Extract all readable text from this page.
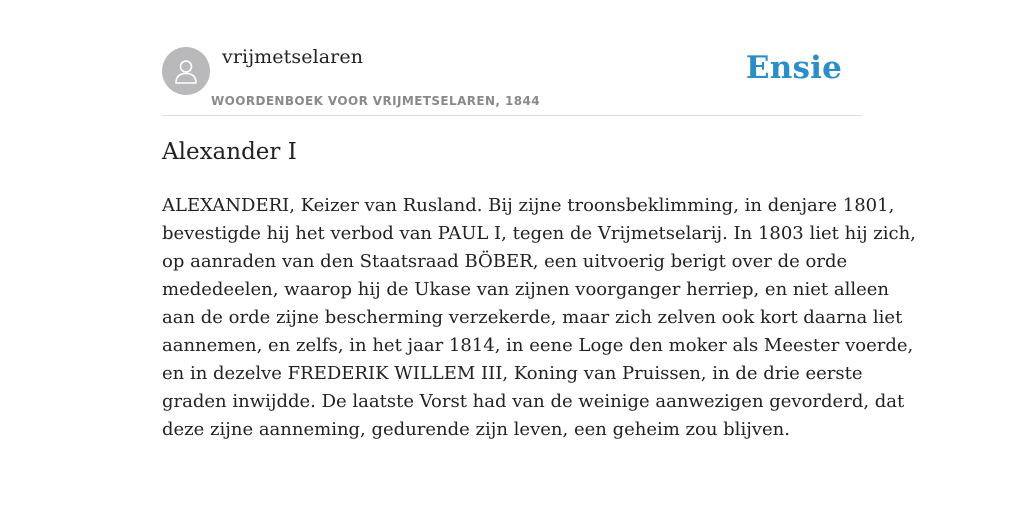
vrijmetselaren
WOORDENBOEK VOOR VRIJMETSELAREN, 1844
Ensie
Alexander I

ALEXANDERI, Keizer van Rusland. Bij zijne troonsbeklimming, in denjare 1801,
bevestigde hij het verbod van PAUL I, tegen de Vrijmetselarij. In 1803 liet hij zich,
op aanraden van den Staatsraad BÖBER, een uitvoerig berigt over de orde
mededeelen, waarop hij de Ukase van zijnen voorganger herriep, en niet alleen
aan de orde zijne bescherming verzekerde, maar zich zelven ook kort daarna liet
aannemen, en zelfs, in het jaar 1814, in eene Loge den moker als Meester voerde,
en in dezelve FREDERIK WILLEM III, Koning van Pruissen, in de drie eerste
graden inwijdde. De laatste Vorst had van de weinige aanwezigen gevorderd, dat
deze zijne aanneming, gedurende zijn leven, een geheim zou blijven.
